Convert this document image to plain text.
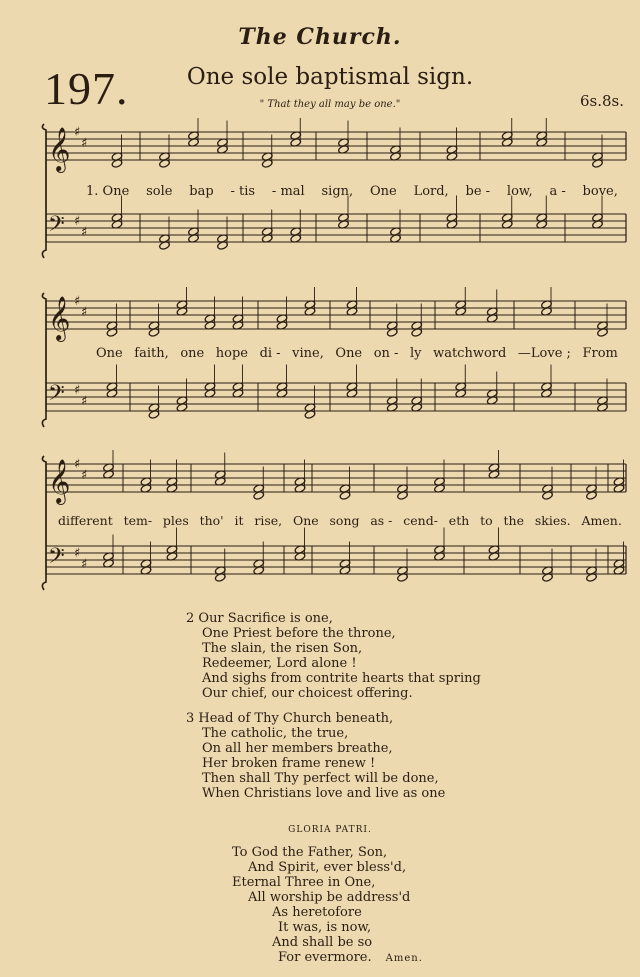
The Church.
197.	One sole baptismal sign.
" That they all may be one."	6s.8s.
𝄞 ♯
♯
𝄢 ♯
♯
1. One sole bap - tis - mal sign, One Lord, be - low, a - bove,
𝄞 ♯
♯
𝄢 ♯
♯
One faith, one hope di - vine, One on - ly watchword —Love ; From
𝄞 ♯
♯
𝄢 ♯
♯
different tem- ples tho' it rise, One song as - cend- eth to the skies. Amen.
2 Our Sacrifice is one,
One Priest before the throne,
The slain, the risen Son,
Redeemer, Lord alone !
And sighs from contrite hearts that spring
Our chief, our choicest offering.
3 Head of Thy Church beneath,
The catholic, the true,
On all her members breathe,
Her broken frame renew !
Then shall Thy perfect will be done,
When Christians love and live as one
GLORIA PATRI.
To God the Father, Son,
And Spirit, ever bless'd,
Eternal Three in One,
All worship be address'd
As heretofore
It was, is now,
And shall be so
For evermore. Amen.
